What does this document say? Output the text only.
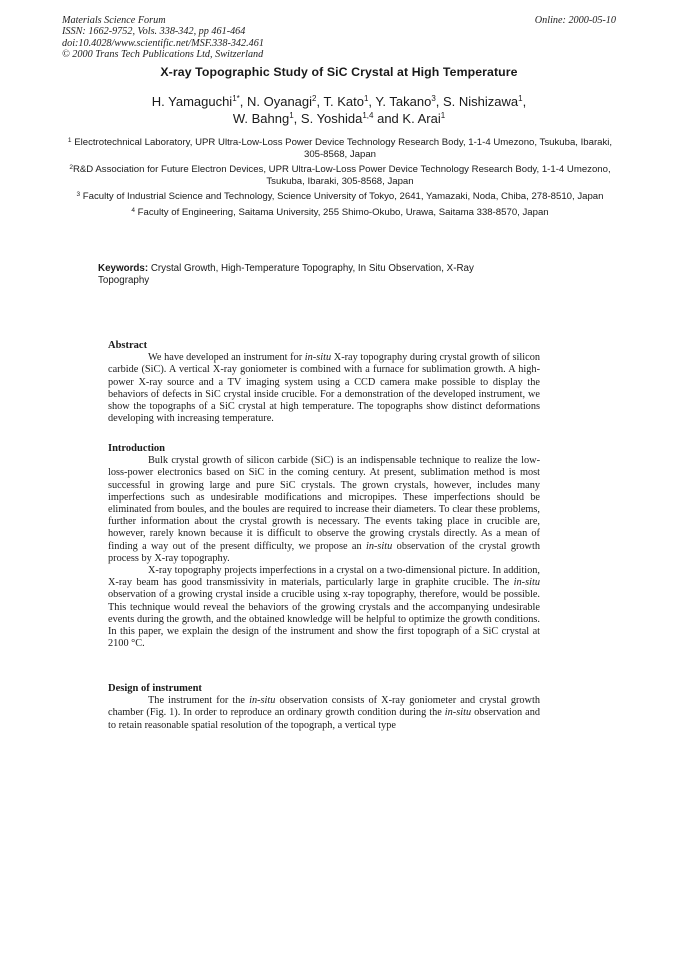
Materials Science Forum
ISSN: 1662-9752, Vols. 338-342, pp 461-464
doi:10.4028/www.scientific.net/MSF.338-342.461
© 2000 Trans Tech Publications Ltd, Switzerland
Online: 2000-05-10
X-ray Topographic Study of SiC Crystal at High Temperature
H. Yamaguchi$^{1*}$, N. Oyanagi$^2$, T. Kato$^1$, Y. Takano$^3$, S. Nishizawa$^1$,
W. Bahng$^1$, S. Yoshida$^{1,4}$ and K. Arai$^1$
$^1$ Electrotechnical Laboratory, UPR Ultra-Low-Loss Power Device Technology Research Body, 1-1-4 Umezono, Tsukuba, Ibaraki, 305-8568, Japan
$^2$R&D Association for Future Electron Devices, UPR Ultra-Low-Loss Power Device Technology Research Body, 1-1-4 Umezono, Tsukuba, Ibaraki, 305-8568, Japan
$^3$ Faculty of Industrial Science and Technology, Science University of Tokyo, 2641, Yamazaki, Noda, Chiba, 278-8510, Japan
$^4$ Faculty of Engineering, Saitama University, 255 Shimo-Okubo, Urawa, Saitama 338-8570, Japan
Keywords: Crystal Growth, High-Temperature Topography, In Situ Observation, X-Ray Topography
Abstract

We have developed an instrument for in-situ X-ray topography during crystal growth of silicon carbide (SiC). A vertical X-ray goniometer is combined with a furnace for sublimation growth. A high-power X-ray source and a TV imaging system using a CCD camera make possible to display the behaviors of defects in SiC crystal inside crucible. For a demonstration of the developed instrument, we show the topographs of a SiC crystal at high temperature. The topographs show distinct deformations developing with increasing temperature.

Introduction

Bulk crystal growth of silicon carbide (SiC) is an indispensable technique to realize the low-loss-power electronics based on SiC in the coming century. At present, sublimation method is most successful in growing large and pure SiC crystals. The grown crystals, however, includes many imperfections such as undesirable modifications and micropipes. These imperfections should be eliminated from boules, and the boules are required to increase their diameters. To clear these problems, further information about the crystal growth is necessary. The events taking place in crucible are, however, rarely known because it is difficult to observe the growing crystals directly. As a mean of finding a way out of the present difficulty, we propose an in-situ observation of the crystal growth process by X-ray topography.

X-ray topography projects imperfections in a crystal on a two-dimensional picture. In addition, X-ray beam has good transmissivity in materials, particularly large in graphite crucible. The in-situ observation of a growing crystal inside a crucible using x-ray topography, therefore, would be possible. This technique would reveal the behaviors of the growing crystals and the accompanying undesirable events during the growth, and the obtained knowledge will be helpful to optimize the growth conditions. In this paper, we explain the design of the instrument and show the first topograph of a SiC crystal at 2100 °C.

Design of instrument

The instrument for the in-situ observation consists of X-ray goniometer and crystal growth chamber (Fig. 1). In order to reproduce an ordinary growth condition during the in-situ observation and to retain reasonable spatial resolution of the topograph, a vertical type
